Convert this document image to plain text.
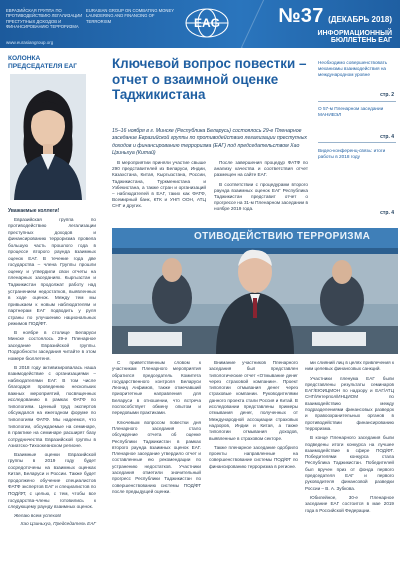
ЕВРАЗИЙСКАЯ ГРУППА ПО ПРОТИВОДЕЙСТВИЮ ЛЕГАЛИЗАЦИИ ПРЕСТУПНЫХ ДОХОДОВ И ФИНАНСИРОВАНИЮ ТЕРРОРИЗМА
EURASIAN GROUP ON COMBATING MONEY LAUNDERING AND FINANCING OF TERRORISM
www.eurasiangroup.org
EAG	№37 (ДЕКАБРЬ 2018)
ИНФОРМАЦИОННЫЙ
БЮЛЛЕТЕНЬ ЕАГ
КОЛОНКА
ПРЕДСЕДАТЕЛЯ ЕАГ

Уважаемые коллеги!

Евразийская группа по противодействию легализации преступных доходов и финансированию терроризма провела большую часть прошлого года в процессе второго раунда взаимных оценок ЕАГ. В течение года две государства – члена Группы прошли оценку и утвердили свои отчеты на пленарных заседаниях. Кыргызстан и Таджикистан продолжат работу над устранением недостатков, выявленных в ходе оценок. Между тем мы привыкаем к новым наблюдателям и партнерам ЕАГ подводить у руля страны по улучшению национальных режимов ПОД/ФТ.

В ноябре в столице Беларуси Минске состоялось 29-е Пленарное заседание Евразийской группы. Подробности заседания читайте в этом номере бюллетеня.

В 2018 году активизировалась наша взаимодействие с организациями – наблюдателями ЕАГ. В том числе благодаря проведению нескольких важных мероприятий, посвященных исследованию в рамках ФАТФ по типологиям. Ценный труд экспертов обсуждался на ежегодном форуме по типологиям ФАТФ. Мы надеемся, что типологии, обсуждаемые на семинаре, в практике на семинаре расширят базу сотрудничества Евразийской группы в Азиатско-Тихоокеанском регионе.

Взаимные оценки Евразийской группы в 2019 году будет сосредоточены на взаимных оценках Китая, Беларуси и России. Также будет продолжено обучение специалистов ФАТФ экспертов ЕАГ и специалистов по ПОД/ФТ, с целью, с тем, чтобы все государства-члены готовились к следующему раунду взаимных оценок.

Желаю всем успехов!

Хао Цзиньхуа, Председатель ЕАГ

Ключевой вопрос повестки – отчет о взаимной оценке Таджикистана
15–16 ноября в г. Минске (Республика Беларусь) состоялось 29-е Пленарное заседание Евразийской группы по противодействию легализации преступных доходов и финансированию терроризма (ЕАГ) под председательством Хао Цзиньхуа (Китай)

В мероприятии приняли участие свыше 290 представителей из Беларуси, Индии, Казахстана, Китая, Кыргызстана, России, Таджикистана, Туркменистана и Узбекистана, а также стран и организаций – наблюдателей в ЕАГ, таких как ФАТФ, Всемирный банк, КТК и УНП ООН, АТЦ СНГ и других.

После завершения процедур ФАТФ по анализу качества и соответствия отчет размещен на сайте ЕАГ.

В соответствии с процедурами второго раунда взаимных оценок ЕАГ Республика Таджикистан представит отчет о прогрессе на 31-м Пленарном заседании в ноябре 2019 года.

Необходимо совершенствовать механизмы взаимодействия на международном уровне
стр. 2
О 57-м Пленарном заседании МАНИВЭЛ
стр. 4
Видео-конференц-связь: итоги работы в 2018 году
стр. 4
ОТИВОДЕЙСТВИЮ ТЕРРОРИЗМА

С приветственным словом к участникам Пленарного мероприятия обратился председатель Комитета государственного контроля Беларуси Леонид Анфимов, также отмечавший приоритетные направления для Беларуси в отношении, что встреча поспособствует обмену опытом и передовыми практиками.

Ключевым вопросом повестки дня Пленарного заседания стало обсуждение отчета об оценке Республики Таджикистан в рамках второго раунда взаимных оценок ЕАГ. Пленарное заседание утвердило отчет и составленные ею рекомендации по устранению недостатков. Участники заседания отметили значительный прогресс Республики Таджикистан по совершенствованию системы ПОД/ФТ после предыдущей оценки.

Внимание участников Пленарного заседания был представлен типологические отчет «Отмывание денег через страховой компании». Проект типологии отмывания денег через страховые компании. Руководителями данного проекта стали Россия и Китай. В исследовании представлены примеры отмывания денег, полученных от Международной ассоциации страховых надзоров, Индии и Китая, а также типологии отмывания доходов, выявленные в страховом секторе.

Также пленарное заседание одобрило проекты направленные на совершенствование системы ПОД/ФТ по финансированию терроризма в регионе.

ми слияний лиц в целях привлечения к ним целевых финансовых санкций.

Участники пленума ЕАГ были представлены результаты семинаров ЕАГ/ЕЮИЦМОН по надзору и ЕАГ/АТЦ СНГ/Интерпол/ИНЦИОМ по взаимодействию между подразделениями финансовых разведок и правоохранительных органов в противодействии финансированию терроризма.

В конце Пленарного заседания были подведены итоги конкурса на лучшее взаимодействие в сфере ПОД/ФТ. Победителями конкурса стала Республика Таджикистан. Победителей был вручен приз от фонда первого председателя ЕАГ и первого руководителя финансовой разведки России – В. А. Зубкова.

Юбилейное, 30-е Пленарное заседание ЕАГ состоится в мае 2019 года в Российской Федерации.
